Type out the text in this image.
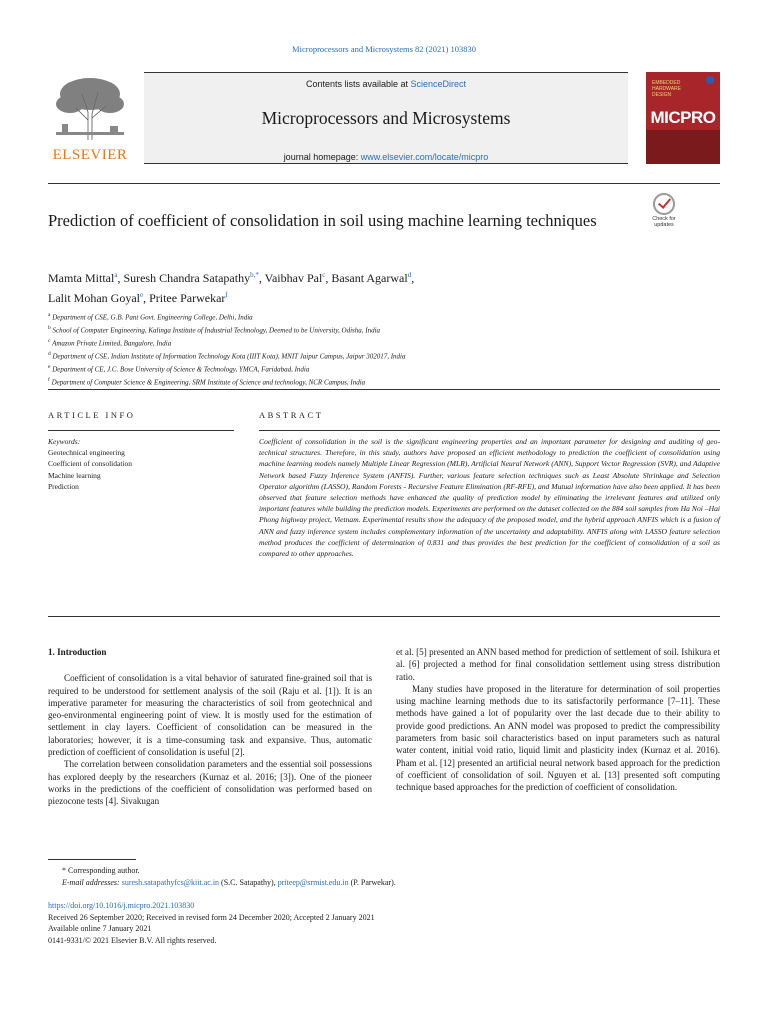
Microprocessors and Microsystems 82 (2021) 103830
ELSEVIER
Contents lists available at ScienceDirect
Microprocessors and Microsystems
journal homepage: www.elsevier.com/locate/micpro
EMBEDDED HARDWARE DESIGN
MICPRO
Prediction of coefficient of consolidation in soil using machine learning techniques	Check for updates
Mamta Mittal$^a$, Suresh Chandra Satapathy$^{b,*}$, Vaibhav Pal$^c$, Basant Agarwal$^d$,
Lalit Mohan Goyal$^e$, Pritee Parwekar$^f$
$^a$ Department of CSE, G.B. Pant Govt. Engineering College, Delhi, India
$^b$ School of Computer Engineering, Kalinga Institute of Industrial Technology, Deemed to be University, Odisha, India
$^c$ Amazon Private Limited, Bangalore, India
$^d$ Department of CSE, Indian Institute of Information Technology Kota (IIIT Kota), MNIT Jaipur Campus, Jaipur 302017, India
$^e$ Department of CE, J.C. Bose University of Science & Technology, YMCA, Faridabad, India
$^f$ Department of Computer Science & Engineering, SRM Institute of Science and technology, NCR Campus, India
ARTICLE INFO	ABSTRACT
Keywords:
Geotechnical engineering
Coefficient of consolidation
Machine learning
Prediction
Coefficient of consolidation in the soil is the significant engineering properties and an important parameter for designing and auditing of geo-technical structures. Therefore, in this study, authors have proposed an efficient methodology to prediction the coefficient of consolidation using machine learning models namely Multiple Linear Regression (MLR), Artificial Neural Network (ANN), Support Vector Regression (SVR), and Adaptive Network based Fuzzy Inference System (ANFIS). Further, various feature selection techniques such as Least Absolute Shrinkage and Selection Operator algorithm (LASSO), Random Forests - Recursive Feature Elimination (RF-RFE), and Mutual information have also been applied. It has been observed that feature selection methods have enhanced the quality of prediction model by eliminating the irrelevant features and utilized only important features while building the prediction models. Experiments are performed on the dataset collected on the 884 soil samples from Ha Noi –Hai Phong highway project, Vietnam. Experimental results show the adequacy of the proposed model, and the hybrid approach ANFIS which is a fusion of ANN and fuzzy inference system includes complementary information of the uncertainty and adaptability. ANFIS along with LASSO feature selection method produces the coefficient of determination of 0.831 and thus provides the best prediction for the coefficient of consolidation of a soil as compared to other approaches.

1. Introduction

Coefficient of consolidation is a vital behavior of saturated fine-grained soil that is required to be understood for settlement analysis of the soil (Raju et al. [1]). It is an imperative parameter for measuring the characteristics of soil from geotechnical and geo-environmental engineering point of view. It is mostly used for the estimation of settlement in clay layers. Coefficient of consolidation can be measured in the laboratories; however, it is a time-consuming task and expansive. Thus, automatic prediction of coefficient of consolidation is useful [2].

The correlation between consolidation parameters and the essential soil possessions has explored deeply by the researchers (Kurnaz et al. 2016; [3]). One of the pioneer works in the predictions of the coefficient of consolidation was performed based on piezocone tests [4]. Sivakugan

et al. [5] presented an ANN based method for prediction of settlement of soil. Ishikura et al. [6] projected a method for final consolidation settlement using stress distribution ratio.

Many studies have proposed in the literature for determination of soil properties using machine learning methods due to its satisfactorily performance [7–11]. These methods have gained a lot of popularity over the last decade due to their ability to provide good predictions. An ANN model was proposed to predict the compressibility parameters from basic soil characteristics based on input parameters such as natural water content, initial void ratio, liquid limit and plasticity index (Kurnaz et al. 2016). Pham et al. [12] presented an artificial neural network based approach for the prediction of coefficient of consolidation of soil. Nguyen et al. [13] presented soft computing technique based approaches for the prediction of coefficient of consolidation.

* Corresponding author.
E-mail addresses: suresh.satapathyfcs@kiit.ac.in (S.C. Satapathy), priteep@srmist.edu.in (P. Parwekar).
https://doi.org/10.1016/j.micpro.2021.103830
Received 26 September 2020; Received in revised form 24 December 2020; Accepted 2 January 2021
Available online 7 January 2021
0141-9331/© 2021 Elsevier B.V. All rights reserved.
